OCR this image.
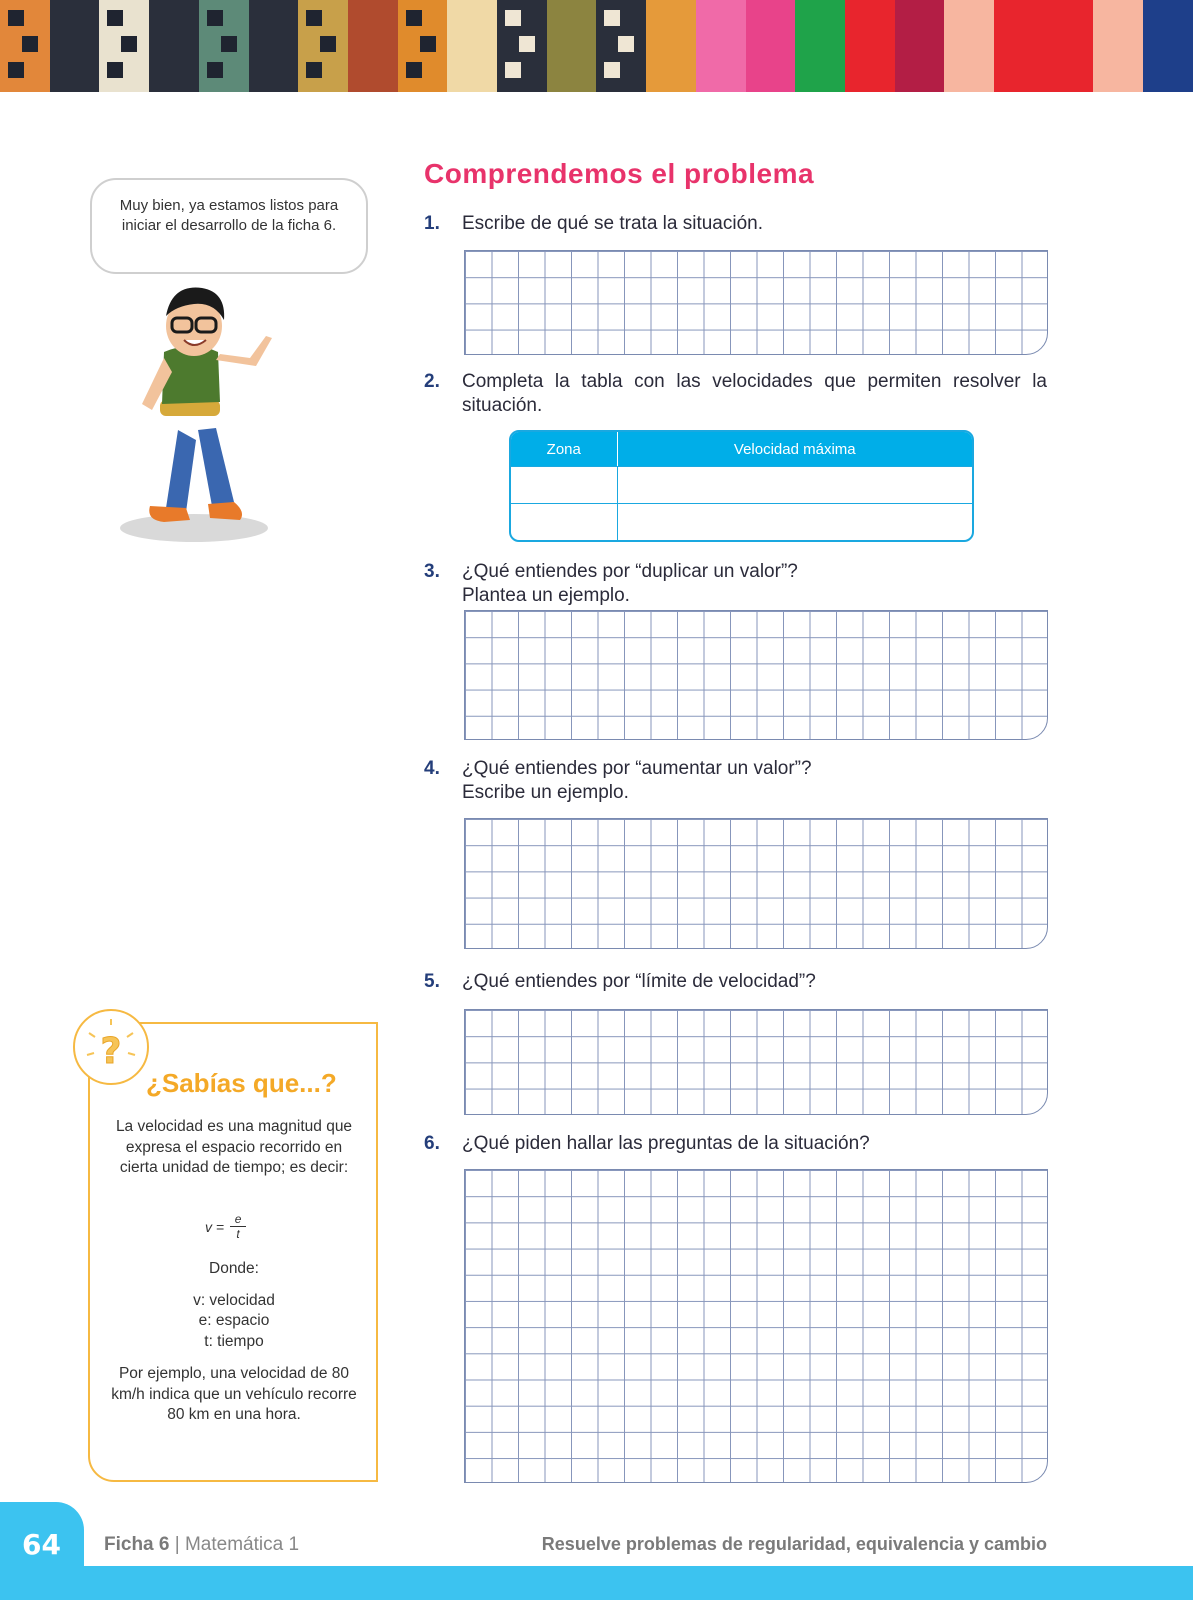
Muy bien, ya estamos listos para iniciar el desarrollo de la ficha 6.
Comprendemos el problema
1. Escribe de qué se trata la situación.
2. Completa la tabla con las velocidades que permiten resolver la situación.
Zona	Velocidad máxima

3. ¿Qué entiendes por “duplicar un valor”?
Plantea un ejemplo.
4. ¿Qué entiendes por “aumentar un valor”?
Escribe un ejemplo.
5. ¿Qué entiendes por “límite de velocidad”?
6. ¿Qué piden hallar las preguntas de la situación?
?
¿Sabías que...?
La velocidad es una magnitud que expresa el espacio recorrido en cierta unidad de tiempo; es decir:
$v = \frac{e}{t}$
Donde:
v: velocidad
e: espacio
t: tiempo
Por ejemplo, una velocidad de 80 km/h indica que un vehículo recorre 80 km en una hora.
64 Ficha 6 | Matemática 1	Resuelve problemas de regularidad, equivalencia y cambio
